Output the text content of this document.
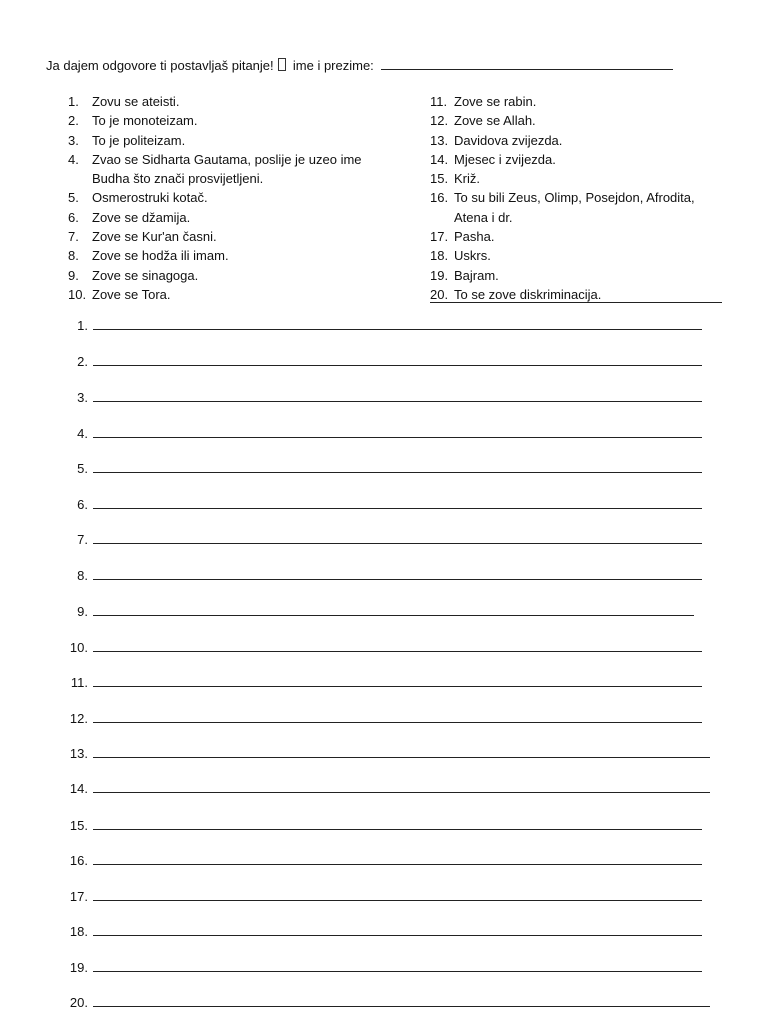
Ja dajem odgovore ti postavljaš pitanje! ime i prezime:
1.	Zovu se ateisti.
2.	To je monoteizam.
3.	To je politeizam.
4.	Zvao se Sidharta Gautama, poslije je uzeo ime Budha što znači prosvijetljeni.
5.	Osmerostruki kotač.
6.	Zove se džamija.
7.	Zove se Kur'an časni.
8.	Zove se hodža ili imam.
9.	Zove se sinagoga.
10. Zove se Tora.
11. Zove se rabin.
12. Zove se Allah.
13. Davidova zvijezda.
14. Mjesec i zvijezda.
15. Križ.
16. To su bili Zeus, Olimp, Posejdon, Afrodita, Atena i dr.
17. Pasha.
18. Uskrs.
19. Bajram.
20. To se zove diskriminacija.
1.
2.
3.
4.
5.
6.
7.
8.
9.
10.
11.
12.
13.
14.
15.
16.
17.
18.
19.
20.
